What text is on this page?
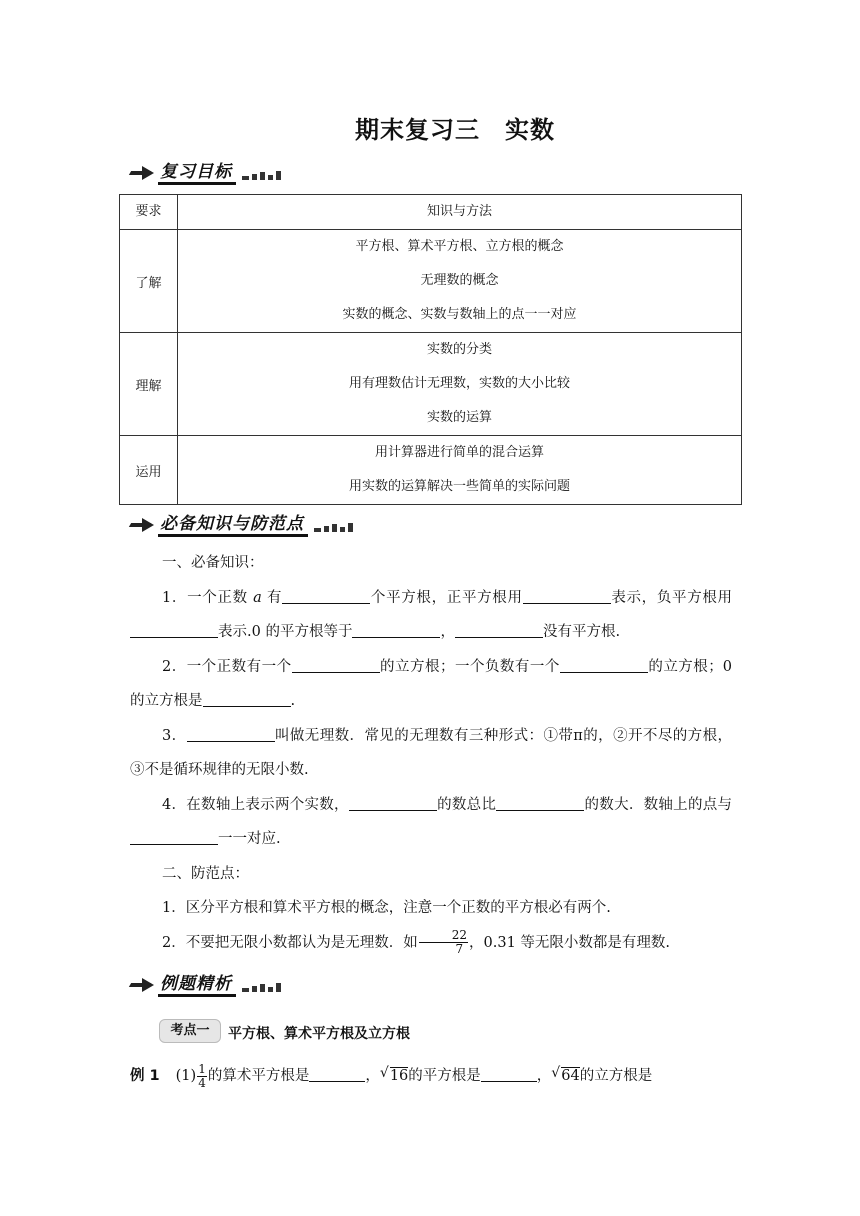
期末复习三　实数
复习目标
要求	知识与方法
了解	平方根、算术平方根、立方根的概念
无理数的概念
实数的概念、实数与数轴上的点一一对应

理解	实数的分类
用有理数估计无理数，实数的大小比较
实数的运算

运用	用计算器进行简单的混合运算
用实数的运算解决一些简单的实际问题
必备知识与防范点

一、必备知识：

1．一个正数 a 有	个平方根，正平方根用	表示，负平方根用表示.0 的平方根等于	，	没有平方根.

2．一个正数有一个	的立方根；一个负数有一个	的立方根；0 的立方根是	.

3．	叫做无理数．常见的无理数有三种形式：①带π的，②开不尽的方根，③不是循环规律的无限小数.

4．在数轴上表示两个实数，	的数总比	的数大．数轴上的点与一一对应.

二、防范点：

1．区分平方根和算术平方根的概念，注意一个正数的平方根必有两个.

2．不要把无限小数都认为是无理数．如 $\frac{22}{7}$ ，0.31 等无限小数都是有理数.

例题精析
考点一	平方根、算术平方根及立方根
例 1 $(1) \frac{1}{4}$ 的算术平方根是	， √ 16的平方根是	， √ 64的立方根是
